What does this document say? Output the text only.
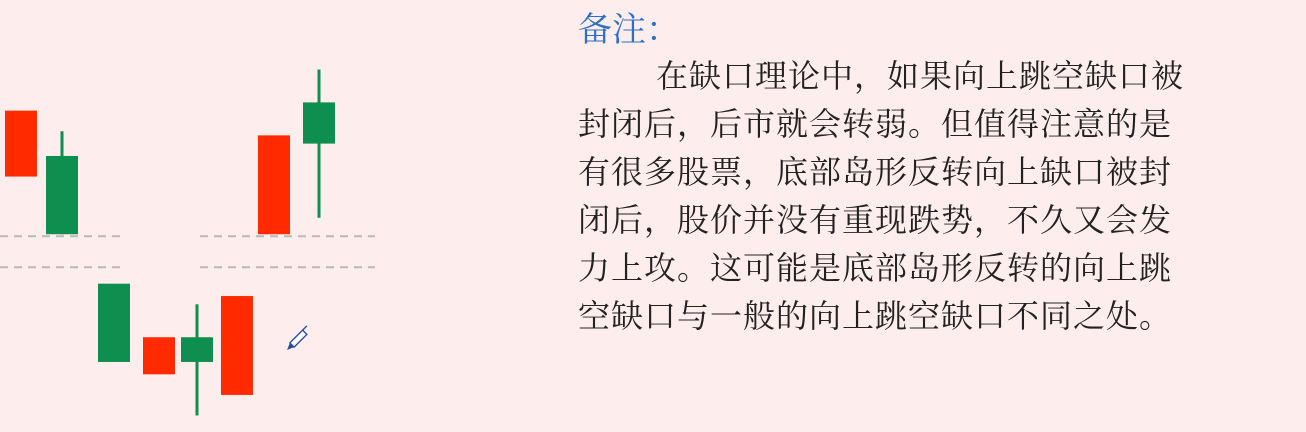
备注：
在缺口理论中，如果向上跳空缺口被
封闭后，后市就会转弱。但值得注意的是
有很多股票，底部岛形反转向上缺口被封
闭后，股价并没有重现跌势，不久又会发
力上攻。这可能是底部岛形反转的向上跳
空缺口与一般的向上跳空缺口不同之处。
